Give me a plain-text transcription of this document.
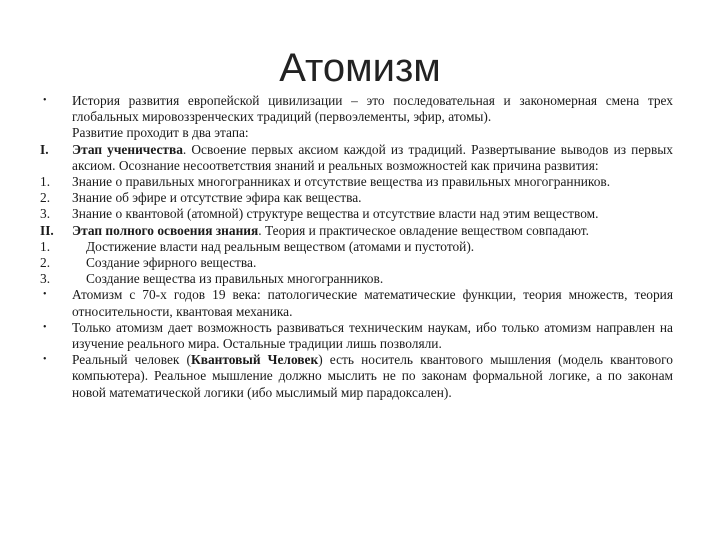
Атомизм
•	История развития европейской цивилизации – это последовательная и закономерная смена трех глобальных мировоззренческих традиций (первоэлементы, эфир, атомы).
Развитие проходит в два этапа:
I.	Этап ученичества. Освоение первых аксиом каждой из традиций. Развертывание выводов из первых аксиом. Осознание несоответствия знаний и реальных возможностей как причина развития:
1.	Знание о правильных многогранниках и отсутствие вещества из правильных многогранников.
2.	Знание об эфире и отсутствие эфира как вещества.
3.	Знание о квантовой (атомной) структуре вещества и отсутствие власти над этим веществом.
II.	Этап полного освоения знания. Теория и практическое овладение веществом совпадают.
1.	Достижение власти над реальным веществом (атомами и пустотой).
2.	Создание эфирного вещества.
3.	Создание вещества из правильных многогранников.
•	Атомизм с 70-х годов 19 века: патологические математические функции, теория множеств, теория относительности, квантовая механика.
•	Только атомизм дает возможность развиваться техническим наукам, ибо только атомизм направлен на изучение реального мира. Остальные традиции лишь позволяли.
•	Реальный человек (Квантовый Человек) есть носитель квантового мышления (модель квантового компьютера). Реальное мышление должно мыслить не по законам формальной логике, а по законам новой математической логики (ибо мыслимый мир парадоксален).
